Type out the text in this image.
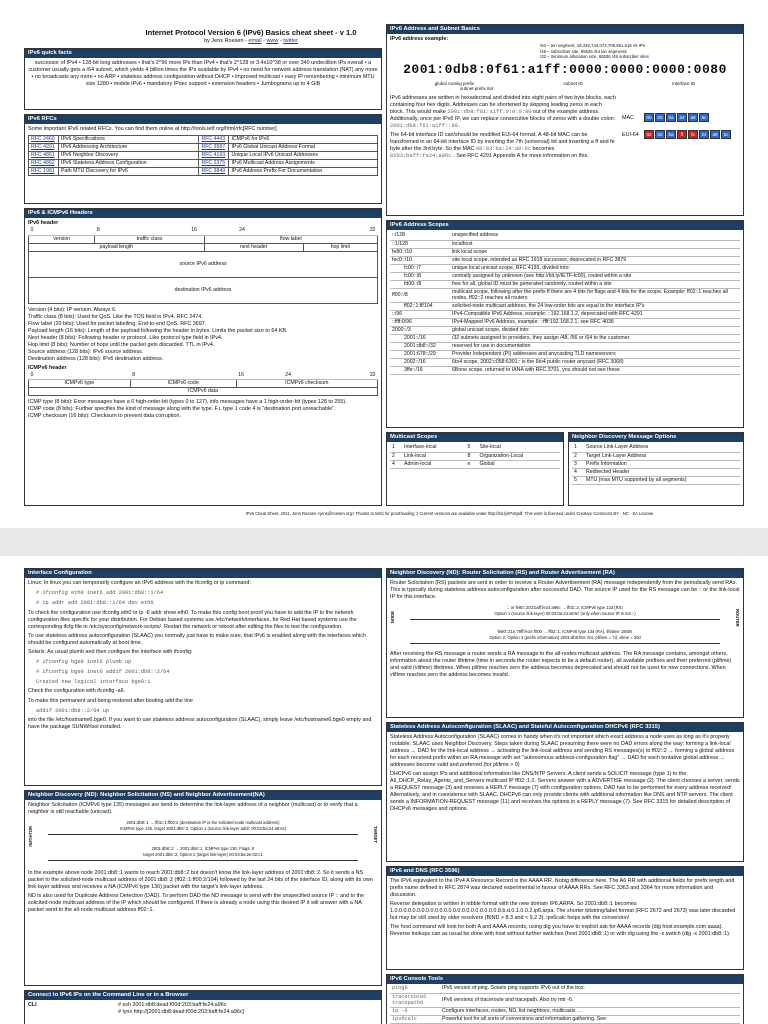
Internet Protocol Version 6 (IPv6) Basics cheat sheet - v 1.0
by Jens Roesen - email - www - twitter
IPv6 quick facts
successor of IPv4 • 128-bit long addresses • that's 2^96 more IPs than IPv4 • that's 2^128 or 3.4x10^38 or over 340 undecillion IPs overall • a customer usually gets a /64 subnet, which yields 4 billion times the IPs available by IPv4 • no need for network address translation (NAT) any more • no broadcasts any more • no ARP • stateless address configuration without DHCP • improved multicast • easy IP renumbering • minimum MTU size 1280 • mobile IPv6 • mandatory IPsec support • extension headers • Jumbograms up to 4 GiB
IPv6 RFCs

Some important IPv6 related RFCs. You can find them online at http://tools.ietf.org/html/rfc[RFC number]

RFC 2460	IPv6 Specifications	RFC 4443	ICMPv6 for IPv6
RFC 4291	IPv6 Addressing Architecture	RFC 3587	IPv6 Global Unicast Address Format
RFC 4861	IPv6 Neighbor Discovery	RFC 4193	Unique Local IPv6 Unicast Addresses
RFC 4862	IPv6 Stateless Address Configuration	RFC 2375	IPv6 Multicast Address Assignments
RFC 1981	Path MTU Discovery for IPv6	RFC 3849	IPv6 Address Prefix For Documentation
IPv6 & ICMPv6 Headers
IPv6 header
0	8	16		24	32
version	traffic class		flow label		
payload length			next header		hop limit
source IPv6 address					
destination IPv6 address					
Version (4 bits): IP version. Always 6.
Traffic class (8 bits): Used for QoS. Like the TOS field in IPv4. RFC 2474.
Flow label (20 bits): Used for packet labelling. End-to-end QoS. RFC 3697.
Payload length (16 bits): Length of the payload following the header in bytes. Limits the packet size to 64 KB.
Next header (8 bits): Following header or protocol. Like protocol type field in IPv4.
Hop limit (8 bits): Number of hops until the packet gets discarded. TTL in IPv4.
Source address (128 bits): IPv6 source address.
Destination address (128 bits): IPv6 destination address.
ICMPv6 header
0	8	16	24	32
ICMPv6 type	ICMPv6 code	ICMPv6 checksum		
ICMPv6 data				
ICMP type (8 bits): Error messages have a 0 high-order-bit (types 0 to 127), info messages have a 1 high-order-bit (types 128 to 255).
ICMP code (8 bits): Further specifies the kind of message along with the type. F.i. type 1 code 4 is "destination port unreachable".
ICMP checksum (16 bits): Checksum to prevent data corruption.
IPv6 Address and Subnet Basics
IPv6 address example:
/64 – ten segment, 18,446,744,073,709,551,616 v6 IPs
/48 – subscriber site, 65536 /64 lan segments
/32 – minimum allocation size, 65536 /48 subscriber sites
2001:0db8:0f61:a1ff:0000:0000:0000:0080
global routing prefix	subnet ID	interface ID
subnet prefix /64

IPv6 addresses are written in hexadecimal and divided into eight pairs of two byte blocks, each containing four hex digits. Addresses can be shortened by skipping leading zeros in each block. This would make 2001:db8:f61:a1ff:0:0:0:80 out of the example address. Additionally, once per IPv6 IP, we can replace consecutive blocks of zeros with a double colon: 2001:db8:f61:a1ff::80.

The 64-bit interface ID can/should be modified EUI-64 format. A 48-bit MAC can be transformed in an 64-bit interface ID by inverting the 7th (universal) bit and inserting a ff and fe byte after the 3rd byte. So the MAC 00:03:ba:24:a9:6c becomes 0203:baff:fe24:a96c. See RFC 4291 Appendix A for more information on this.

MAC	00 03 ba 24 a9 6c
EUI-64 02 03 ba ff fe 24 a9 6c
IPv6 Address Scopes
::/128	unspecified address
::1/128	localhost
fe80::/10	link local scope
fec0::/10	site local scope, intended as RFC 1918 successor, deprecated in RFC 3879
fc00::/7	unique local unicast scope, RFC 4193, divided into:
fc00::/8	centrally assigned by unknown (see http://bit.ly/IETF-fc00), routed within a site
fd00::/8	free for all, global ID must be generated randomly, routed within a site
ff00::/8	multicast scope, following after the prefix ff there are 4 bits for flags and 4 bits for the scope. Example: ff02::1 reaches all nodes, ff02::2 reaches all routers
ff02::1:ff/104	solicited-node multicast address, the 24 low-order bits are equal to the interface IP's
::/96	IPv4-Compatible IPv6 Address, example: ::192.168.1.2, deprecated with RFC 4291
::ffff:0/96	IPv4-Mapped IPv6 Address, example: ::ffff:192.168.2.1, see RFC 4038
2000::/3	global unicast scope, divided into:
2001::/16	/32 subnets assigned to providers, they assign /48, /56 or /64 to the customer
2001:db8::/32	reserved for use in documentation
2001:678::/29	Provider Independent (PI) addresses and anycasting TLD nameservers
2002::/16	6to4 scope, 2002:c058:6301:: is the 6to4 public router anycast (RFC 3068)
3ffe::/16	6Bone scope, returned to IANA with RFC 3701, you should not see these
Multicast Scopes
1	Interface-local	5	Site-local
2	Link-local	8	Organization-Local
4	Admin-local	e	Global
Neighbor Discovery Message Options
1	Source Link-Layer Address
2	Target Link-Layer Address
3	Prefix Information
4	Redirected Header
5	MTU (max MTU supported by all segments)
IPv6 Cheat Sheet, 2011, Jens Roesen <jens@roesen.org> Thanks to MiGi for proofreading :) Current versions are available under http://bit.ly/IPv6pdf. This work is licensed under Creative Commons BY - NC - SA License.
Interface Configuration

Linux: In linux you can temporarily configure an IPv6 address with the ifconfig or ip command:

# ifconfig eth0 inet6 add 2001:db8::1/64
# ip addr add 2001:db8::1/64 dev eth0

To check the configuration use ifconfig eth0 or ip -6 addr show eth0. To make this config boot proof you have to add the IP to the network configuration files specific for your distribution. For Debian based systems use /etc/network/interfaces, for Red Hat based systems use the corresponding ifcfg file in /etc/sysconfig/network-scripts/. Restart the network or reboot after editing the files to test the configuration.

To use stateless address autoconfiguration (SLAAC) you normally just have to make sure, that IPv6 is enabled along with the interfaces which should be configured automatically at boot time.

Solaris: As usual plumb and then configure the interface with ifconfig:

# ifconfig bge0 inet6 plumb up
# ifconfig bge0 inet6 addif 2001:db8::2/64
Created new logical interface bge0:1

Check the configuration with ifconfig -a6.

To make this permanent and being restored after booting add the line

addif 2001:db8::2/64 up

into the file /etc/hostname6.bge0. If you want to use stateless address autoconfiguration (SLAAC), simply leave /etc/hostname6.bge0 empty and have the package SUNWrtsol installed.

Neighbor Discovery (ND): Neighbor Solicitation (NS) and Neighbor Advertisement(NA)

Neighbor Solicitation (ICMPv6 type 135) messages are send to determine the link-layer address of a neighbor (multicast) or to verify that a neighbor is still reachable (unicast).

INITIATOR	TARGET
2001:db8::1 → ff02::1:ff00:2 (destination IP is the solicited-node multicast address)
ICMPv6 type 135, target 2001:db8::2, Option 1 (source link-layer addr: 00:03:ba:24:a9:6c)
2001:db8::2 → 2001:db8::1, ICMPv6 type 136, Flags: S
target 2001:db8::2, Option 2 (target link-layer) 00:03:ba:2e:02:c1

In the example above node 2001:db8::1 wants to reach 2001:db8::2 but doesn't know the link-layer address of 2001:db8::2. So it sends a NS packet to the solicited-node multicast address of 2001:db8::2 (ff02::1:ff00:2/104) followed by the last 24 bits of the interface ID, along with its own link-layer address and receives a NA (ICMPv6 type 136) packet with the target's link-layer address.

ND is also used for Duplicate Address Detection (DAD). To perform DAD the ND message is send with the unspecified source IP :: and to the solicited-node multicast address of the IP which should be configured. If there is already a node using this desired IP it will answer with a NA packet send to the all-node multicast address ff02::1.

Connect to IPv6 IPs on the Command Line or in a Browser
CLI	# ssh 2001:db8:dead:f00d:203:baff:fe24:a96c
# lynx http://[2001:db8:dead:f00d:203:baff:fe24:a96c]
Neighbor Discovery (ND): Router Solicitation (RS) and Router Advertisement (RA)

Router Solicitation (RS) packets are sent in order to receive a Router Advertisement (RA) message independently from the periodically send RAs. This is typically during stateless address autoconfiguration after successful DAD. The source IP used for the RS message can be :: or the link-local IP for this interface.

NODE	ROUTER
:: or fe80::203:baff:fe24:a96c → ff02::2, ICMPv6 type 133 (RS)
Option 1 (source link-layer) 00:03:ba:24:a9:6c (only when source IP is not ::)
fe80::21e:79ff:fe1e:f000 → ff02::1, ICMPv6 type 134 (RA), lifetime 1800s
Option 2, Option 3 (prefix information) 2001:db8:f64::/64, plifime = 7d, vlime = 30d

After receiving the RS message a router sends a RA message to the all-nodes multicast address. The RA message contains, amongst others, information about the router lifetime (time in seconds the router expects to be a default router), all available prefixes and their preferred (plifime) and valid (vlifime) lifetimes. When plifime reaches zero the address becomes deprecated and should not be used for new connections. When vlifime reaches zero the address becomes invalid.

Stateless Address Autoconfiguration (SLAAC) and Stateful Autoconfiguration DHCPv6 (RFC 3315)

Stateless Address Autoconfiguration (SLAAC) comes in handy when it's not important which exact address a node uses as long as it's properly routable. SLAAC uses Neighbor Discovery. Steps taken during SLAAC presuming there were no DAD errors along the way: forming a link-local address → DAD for the link-local address → activating the link-local address and sending RS messages(s) to ff02::2 → forming a global address for each received prefix within an RA message with set "autonomous address-configuration flag" → DAD for each tentative global address → addresses become valid and preferred (for plifime > 0)

DHCPv6 can assign IPs and additional information like DNS/NTP Servers. A client sends a SOLICIT message (type 1) to the All_DHCP_Relay_Agents_and_Servers multicast IP ff02::1:2. Servers answer with a ADVERTISE message (2). The client chooses a server, sends a REQUEST message (3) and receives a REPLY message (7) with configuration options. DAD has to be performed for every address received! Alternatively, and in coexistence with SLAAC, DHCPv6 can only provide clients with additional information like DNS and NTP servers. The client sends a INFORMATION-REQUEST message (11) and receives the options in a REPLY message (7). See RFC 3315 for detailed description of DHCPv6 messages and options.

IPv6 and DNS (RFC 3596)

The IPv6 equivalent to the IPv4 A Resource Record is the AAAA RR. Nobig difference here. The A6 RR with additional fields for prefix length and prefix name defined in RFC 2874 was declared experimental in favour of AAAA RRs. See RFC 3363 and 3364 for more information and discussion.

Reverse delegation is written in nibble format with the new domain IP6.ARPA. So 2001:db8::1 becomes 1.0.0.0.0.0.0.0.0.0.0.0.0.0.0.0.0.0.0.0.0.0.0.0.8.b.d.0.1.0.0.2.ip6.arpa. The shorter bitstring/label format (RFC 2672 and 2673) was later discarded but may be still used by older resolvers (BIND > 8.3 and < 9.2.3). ipv6calc helps with the conversion!

The host command will look for both A and AAAA records, using dig you have to explicit ask for AAAA records (dig host.example.com aaaa). Reverse lookups can as usual be done with host without further switches (host 2001:db8::1) or with dig using the -x switch (dig -x 2001:db8::1).

IPv6 Console Tools
ping6	IPv6 version of ping. Solaris ping supports IPv6 out of the box.
traceroute6 tracepath6	IPv6 versions of traceroute and tracepath. Also try mtr -6.
ip -6	Configure interfaces, routes, ND, list neighbors, multicasts ...
ipv6calc	Powerful tool for all sorts of conversions and information gathering. See
